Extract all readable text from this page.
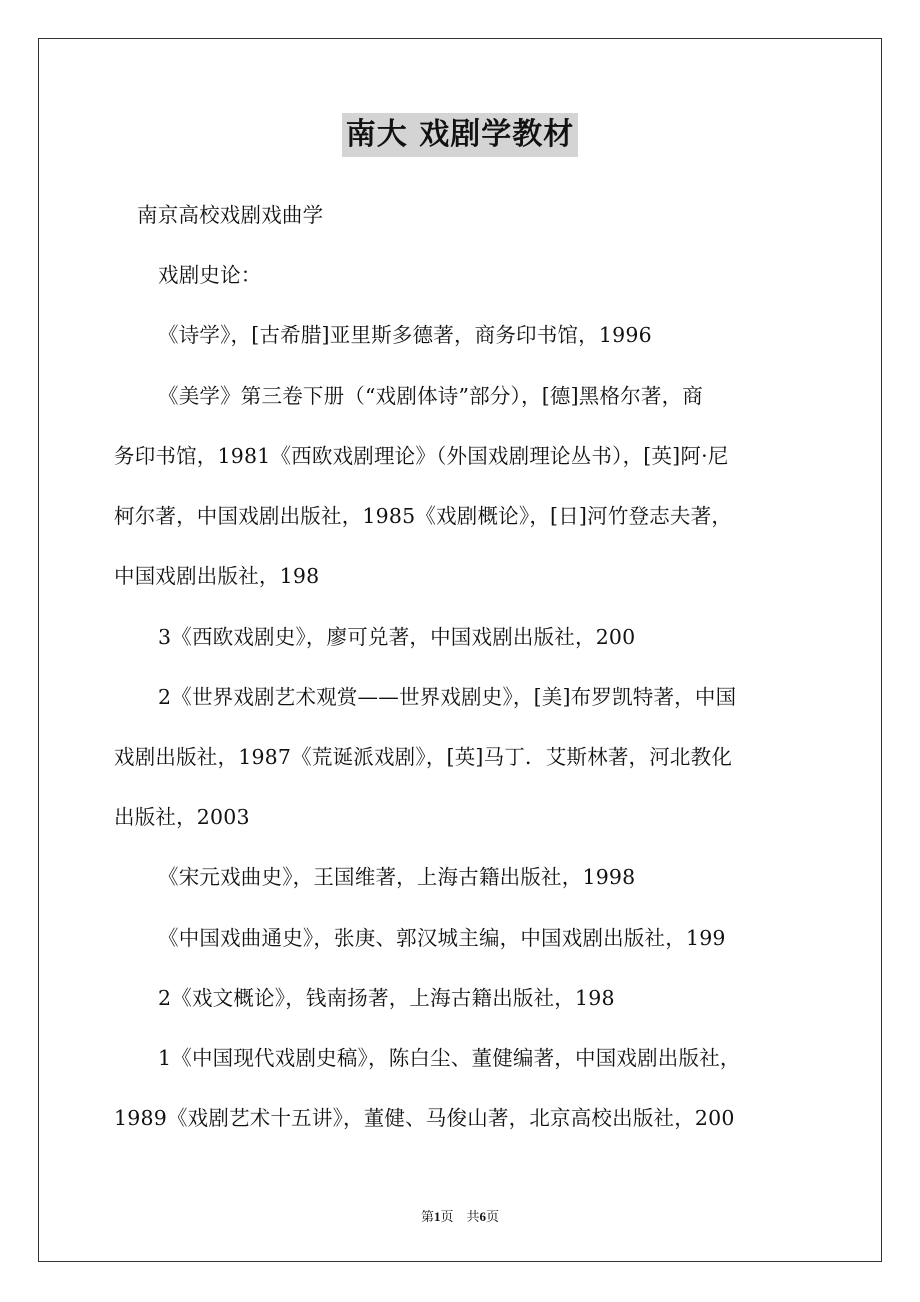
南大 戏剧学教材
南京高校戏剧戏曲学
戏剧史论：
《诗学》，[古希腊]亚里斯多德著，商务印书馆，1996
《美学》第三卷下册（“戏剧体诗”部分），[德]黑格尔著，商
务印书馆，1981《西欧戏剧理论》（外国戏剧理论丛书），[英]阿·尼
柯尔著，中国戏剧出版社，1985《戏剧概论》，[日]河竹登志夫著，
中国戏剧出版社，198
3《西欧戏剧史》，廖可兑著，中国戏剧出版社，200
2《世界戏剧艺术观赏——世界戏剧史》，[美]布罗凯特著，中国
戏剧出版社，1987《荒诞派戏剧》，[英]马丁．艾斯林著，河北教化
出版社，2003
《宋元戏曲史》，王国维著，上海古籍出版社，1998
《中国戏曲通史》，张庚、郭汉城主编，中国戏剧出版社，199
2《戏文概论》，钱南扬著，上海古籍出版社，198
1《中国现代戏剧史稿》，陈白尘、董健编著，中国戏剧出版社，
1989《戏剧艺术十五讲》，董健、马俊山著，北京高校出版社，200
第1页　共6页
